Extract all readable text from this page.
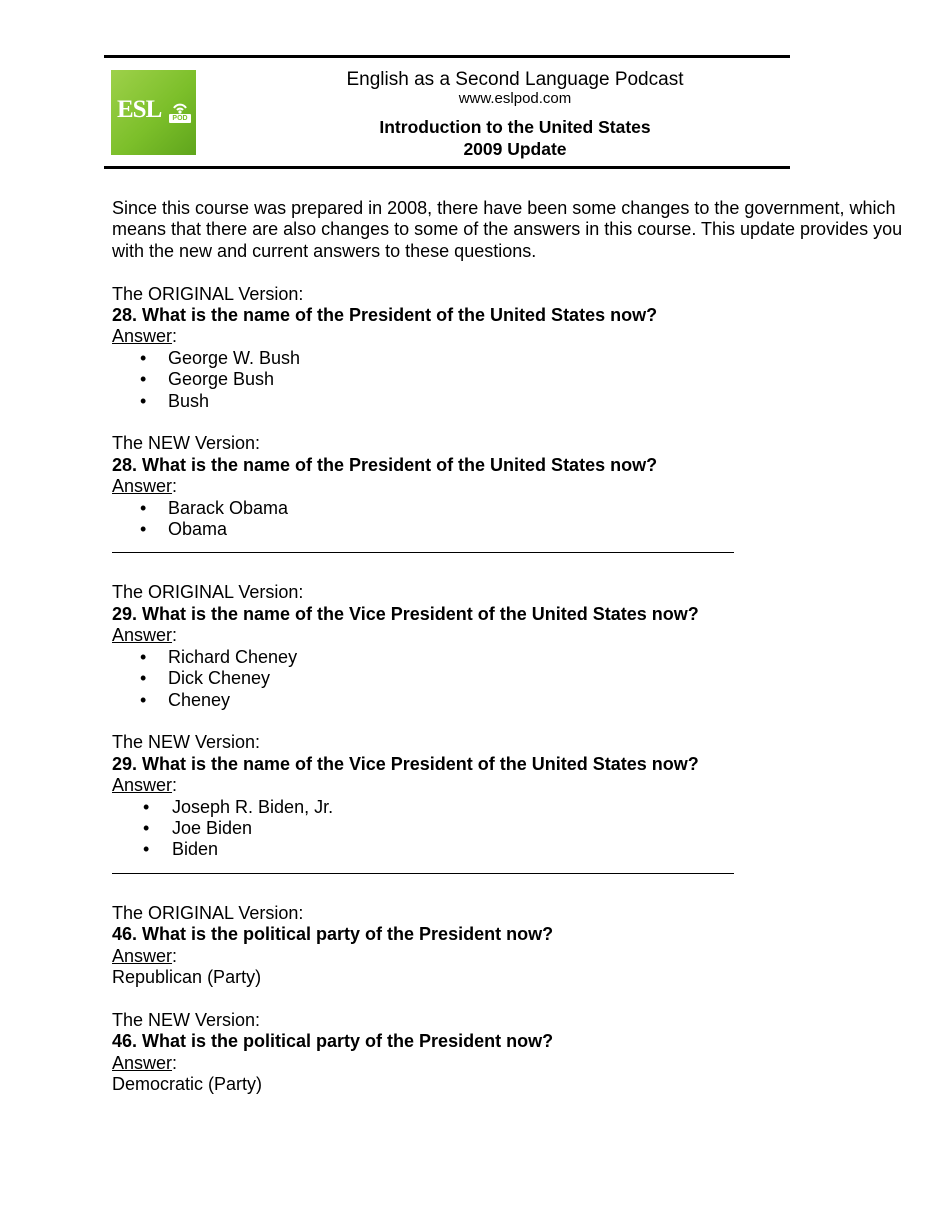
ESL	POD
English as a Second Language Podcast
www.eslpod.com
Introduction to the United States
2009 Update

Since this course was prepared in 2008, there have been some changes to the government, which means that there are also changes to some of the answers in this course. This update provides you with the new and current answers to these questions.

The ORIGINAL Version:

28. What is the name of the President of the United States now?

Answer:

• George W. Bush
• George Bush
• Bush

The NEW Version:

28. What is the name of the President of the United States now?

Answer:

• Barack Obama
• Obama

The ORIGINAL Version:

29. What is the name of the Vice President of the United States now?

Answer:

• Richard Cheney
• Dick Cheney
• Cheney

The NEW Version:

29. What is the name of the Vice President of the United States now?

Answer:

• Joseph R. Biden, Jr.
• Joe Biden
• Biden

The ORIGINAL Version:

46. What is the political party of the President now?

Answer:

Republican (Party)

The NEW Version:

46. What is the political party of the President now?

Answer:

Democratic (Party)
